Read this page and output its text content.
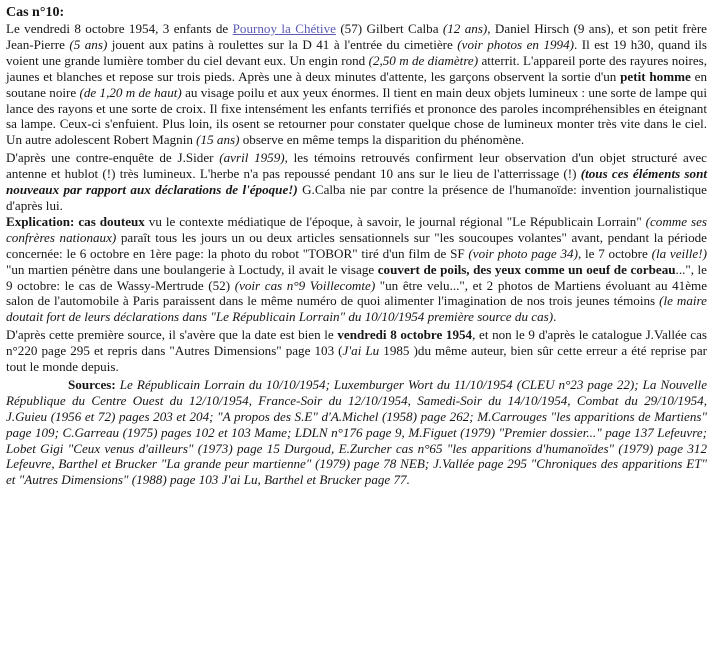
Cas n°10:

Le vendredi 8 octobre 1954, 3 enfants de Pournoy la Chétive (57) Gilbert Calba (12 ans), Daniel Hirsch (9 ans), et son petit frère Jean-Pierre (5 ans) jouent aux patins à roulettes sur la D 41 à l'entrée du cimetière (voir photos en 1994). Il est 19 h30, quand ils voient une grande lumière tomber du ciel devant eux. Un engin rond (2,50 m de diamètre) atterrit. L'appareil porte des rayures noires, jaunes et blanches et repose sur trois pieds. Après une à deux minutes d'attente, les garçons observent la sortie d'un petit homme en soutane noire (de 1,20 m de haut) au visage poilu et aux yeux énormes. Il tient en main deux objets lumineux : une sorte de lampe qui lance des rayons et une sorte de croix. Il fixe intensément les enfants terrifiés et prononce des paroles incompréhensibles en éteignant sa lampe. Ceux-ci s'enfuient. Plus loin, ils osent se retourner pour constater quelque chose de lumineux monter très vite dans le ciel. Un autre adolescent Robert Magnin (15 ans) observe en même temps la disparition du phénomène.

D'après une contre-enquête de J.Sider (avril 1959), les témoins retrouvés confirment leur observation d'un objet structuré avec antenne et hublot (!) très lumineux. L'herbe n'a pas repoussé pendant 10 ans sur le lieu de l'atterrissage (!) (tous ces éléments sont nouveaux par rapport aux déclarations de l'époque!) G.Calba nie par contre la présence de l'humanoïde: invention journalistique d'après lui.

Explication: cas douteux vu le contexte médiatique de l'époque, à savoir, le journal régional "Le Républicain Lorrain" (comme ses confrères nationaux) paraît tous les jours un ou deux articles sensationnels sur "les soucoupes volantes" avant, pendant la période concernée: le 6 octobre en 1ère page: la photo du robot "TOBOR" tiré d'un film de SF (voir photo page 34), le 7 octobre (la veille!) "un martien pénètre dans une boulangerie à Loctudy, il avait le visage couvert de poils, des yeux comme un oeuf de corbeau...", le 9 octobre: le cas de Wassy-Mertrude (52) (voir cas n°9 Voillecomte) "un être velu...", et 2 photos de Martiens évoluant au 41ème salon de l'automobile à Paris paraissent dans le même numéro de quoi alimenter l'imagination de nos trois jeunes témoins (le maire doutait fort de leurs déclarations dans "Le Républicain Lorrain" du 10/10/1954 première source du cas).

D'après cette première source, il s'avère que la date est bien le vendredi 8 octobre 1954, et non le 9 d'après le catalogue J.Vallée cas n°220 page 295 et repris dans "Autres Dimensions" page 103 (J'ai Lu 1985 )du même auteur, bien sûr cette erreur a été reprise par tout le monde depuis.

Sources: Le Républicain Lorrain du 10/10/1954; Luxemburger Wort du 11/10/1954 (CLEU n°23 page 22); La Nouvelle République du Centre Ouest du 12/10/1954, France-Soir du 12/10/1954, Samedi-Soir du 14/10/1954, Combat du 29/10/1954, J.Guieu (1956 et 72) pages 203 et 204; "A propos des S.E" d'A.Michel (1958) page 262; M.Carrouges "les apparitions de Martiens" page 109; C.Garreau (1975) pages 102 et 103 Mame; LDLN n°176 page 9, M.Figuet (1979) "Premier dossier..." page 137 Lefeuvre; Lobet Gigi "Ceux venus d'ailleurs" (1973) page 15 Durgoud, E.Zurcher cas n°65 "les apparitions d'humanoïdes" (1979) page 312 Lefeuvre, Barthel et Brucker "La grande peur martienne" (1979) page 78 NEB; J.Vallée page 295 "Chroniques des apparitions ET" et "Autres Dimensions" (1988) page 103 J'ai Lu, Barthel et Brucker page 77.
